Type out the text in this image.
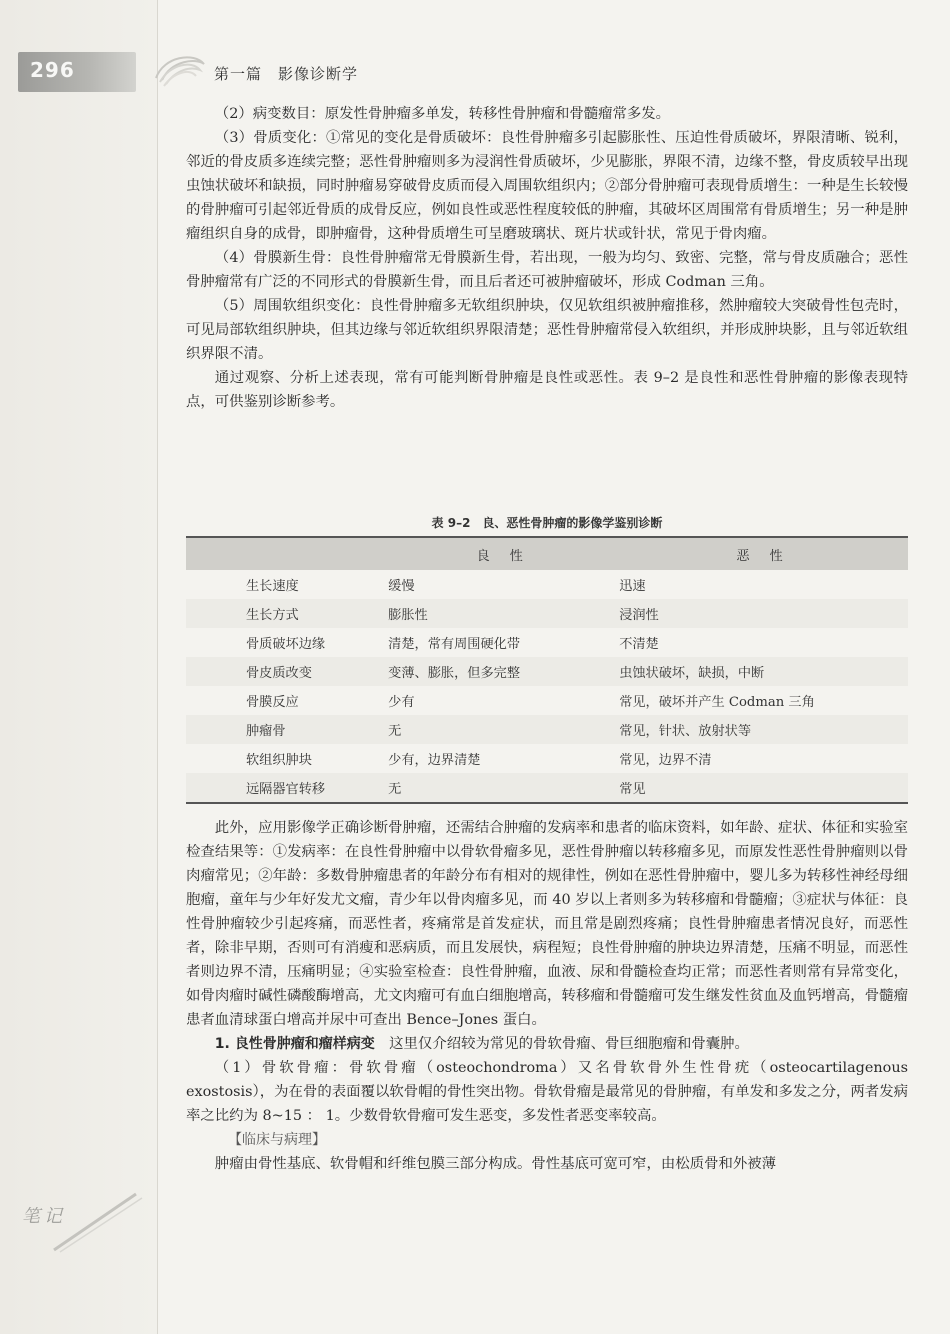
296	第一篇 影像诊断学

（2）病变数目：原发性骨肿瘤多单发，转移性骨肿瘤和骨髓瘤常多发。

（3）骨质变化：①常见的变化是骨质破坏：良性骨肿瘤多引起膨胀性、压迫性骨质破坏，界限清晰、锐利，邻近的骨皮质多连续完整；恶性骨肿瘤则多为浸润性骨质破坏，少见膨胀，界限不清，边缘不整，骨皮质较早出现虫蚀状破坏和缺损，同时肿瘤易穿破骨皮质而侵入周围软组织内；②部分骨肿瘤可表现骨质增生：一种是生长较慢的骨肿瘤可引起邻近骨质的成骨反应，例如良性或恶性程度较低的肿瘤，其破坏区周围常有骨质增生；另一种是肿瘤组织自身的成骨，即肿瘤骨，这种骨质增生可呈磨玻璃状、斑片状或针状，常见于骨肉瘤。

（4）骨膜新生骨：良性骨肿瘤常无骨膜新生骨，若出现，一般为均匀、致密、完整，常与骨皮质融合；恶性骨肿瘤常有广泛的不同形式的骨膜新生骨，而且后者还可被肿瘤破坏，形成 Codman 三角。

（5）周围软组织变化：良性骨肿瘤多无软组织肿块，仅见软组织被肿瘤推移，然肿瘤较大突破骨性包壳时，可见局部软组织肿块，但其边缘与邻近软组织界限清楚；恶性骨肿瘤常侵入软组织，并形成肿块影，且与邻近软组织界限不清。

通过观察、分析上述表现，常有可能判断骨肿瘤是良性或恶性。表 9–2 是良性和恶性骨肿瘤的影像表现特点，可供鉴别诊断参考。

表 9–2　良、恶性骨肿瘤的影像学鉴别诊断
	良 性	恶 性
生长速度	缓慢	迅速
生长方式	膨胀性	浸润性
骨质破坏边缘	清楚，常有周围硬化带	不清楚
骨皮质改变	变薄、膨胀，但多完整	虫蚀状破坏，缺损，中断
骨膜反应	少有	常见，破坏并产生 Codman 三角
肿瘤骨	无	常见，针状、放射状等
软组织肿块	少有，边界清楚	常见，边界不清
远隔器官转移	无	常见

此外，应用影像学正确诊断骨肿瘤，还需结合肿瘤的发病率和患者的临床资料，如年龄、症状、体征和实验室检查结果等：①发病率：在良性骨肿瘤中以骨软骨瘤多见，恶性骨肿瘤以转移瘤多见，而原发性恶性骨肿瘤则以骨肉瘤常见；②年龄：多数骨肿瘤患者的年龄分布有相对的规律性，例如在恶性骨肿瘤中，婴儿多为转移性神经母细胞瘤，童年与少年好发尤文瘤，青少年以骨肉瘤多见，而 40 岁以上者则多为转移瘤和骨髓瘤；③症状与体征：良性骨肿瘤较少引起疼痛，而恶性者，疼痛常是首发症状，而且常是剧烈疼痛；良性骨肿瘤患者情况良好，而恶性者，除非早期，否则可有消瘦和恶病质，而且发展快，病程短；良性骨肿瘤的肿块边界清楚，压痛不明显，而恶性者则边界不清，压痛明显；④实验室检查：良性骨肿瘤，血液、尿和骨髓检查均正常；而恶性者则常有异常变化，如骨肉瘤时碱性磷酸酶增高，尤文肉瘤可有血白细胞增高，转移瘤和骨髓瘤可发生继发性贫血及血钙增高，骨髓瘤患者血清球蛋白增高并尿中可查出 Bence–Jones 蛋白。

1. 良性骨肿瘤和瘤样病变　 这里仅介绍较为常见的骨软骨瘤、骨巨细胞瘤和骨囊肿。

（1）骨软骨瘤：骨软骨瘤（osteochondroma）又名骨软骨外生性骨疣（osteocartilagenous exostosis），为在骨的表面覆以软骨帽的骨性突出物。骨软骨瘤是最常见的骨肿瘤，有单发和多发之分，两者发病率之比约为 8~15 ： 1。少数骨软骨瘤可发生恶变，多发性者恶变率较高。

【临床与病理】

肿瘤由骨性基底、软骨帽和纤维包膜三部分构成。骨性基底可宽可窄，由松质骨和外被薄

笔记
